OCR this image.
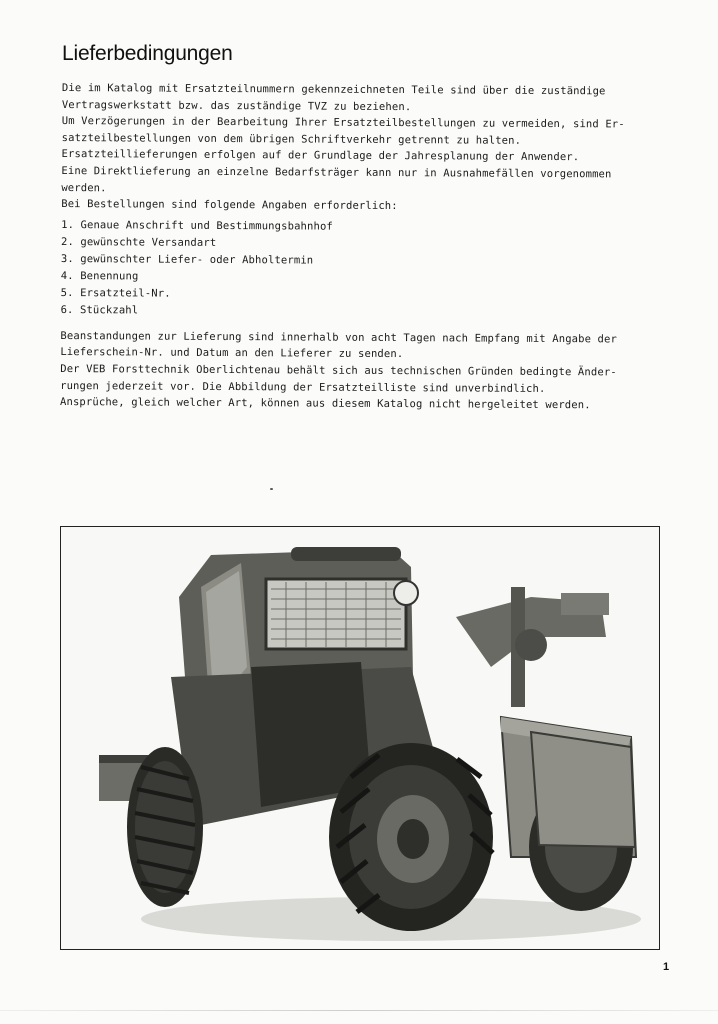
Lieferbedingungen

Die im Katalog mit Ersatzteilnummern gekennzeichneten Teile sind über die zuständige

Vertragswerkstatt bzw. das zuständige TVZ zu beziehen.

Um Verzögerungen in der Bearbeitung Ihrer Ersatzteilbestellungen zu vermeiden, sind Er-

satzteilbestellungen von dem übrigen Schriftverkehr getrennt zu halten.

Ersatzteillieferungen erfolgen auf der Grundlage der Jahresplanung der Anwender.

Eine Direktlieferung an einzelne Bedarfsträger kann nur in Ausnahmefällen vorgenommen

werden.

Bei Bestellungen sind folgende Angaben erforderlich:

1. Genaue Anschrift und Bestimmungsbahnhof

2. gewünschte Versandart

3. gewünschter Liefer- oder Abholtermin

4. Benennung

5. Ersatzteil-Nr.

6. Stückzahl

Beanstandungen zur Lieferung sind innerhalb von acht Tagen nach Empfang mit Angabe der

Lieferschein-Nr. und Datum an den Lieferer zu senden.

Der VEB Forsttechnik Oberlichtenau behält sich aus technischen Gründen bedingte Änder-

rungen jederzeit vor. Die Abbildung der Ersatzteilliste sind unverbindlich.

Ansprüche, gleich welcher Art, können aus diesem Katalog nicht hergeleitet werden.

1
